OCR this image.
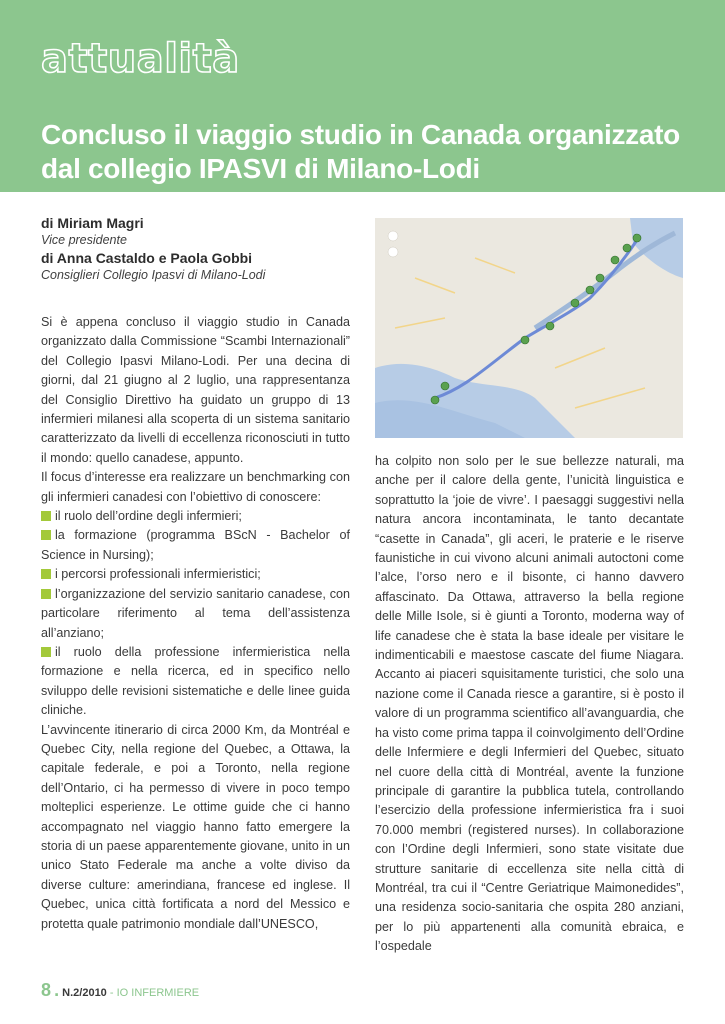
attualità
Concluso il viaggio studio in Canada organizzato dal collegio IPASVI di Milano-Lodi
di Miriam Magri
Vice presidente
di Anna Castaldo e Paola Gobbi
Consiglieri Collegio Ipasvi di Milano-Lodi

Si è appena concluso il viaggio studio in Canada organizzato dalla Commissione “Scambi Internazionali” del Collegio Ipasvi Milano-Lodi. Per una decina di giorni, dal 21 giugno al 2 luglio, una rappresentanza del Consiglio Direttivo ha guidato un gruppo di 13 infermieri milanesi alla scoperta di un sistema sanitario caratterizzato da livelli di eccellenza riconosciuti in tutto il mondo: quello canadese, appunto.

Il focus d’interesse era realizzare un benchmarking con gli infermieri canadesi con l’obiettivo di conoscere:

il ruolo dell’ordine degli infermieri;

la formazione (programma BScN - Bachelor of Science in Nursing);

i percorsi professionali infermieristici;

l’organizzazione del servizio sanitario canadese, con particolare riferimento al tema dell’assistenza all’anziano;

il ruolo della professione infermieristica nella formazione e nella ricerca, ed in specifico nello sviluppo delle revisioni sistematiche e delle linee guida cliniche.

L’avvincente itinerario di circa 2000 Km, da Montréal e Quebec City, nella regione del Quebec, a Ottawa, la capitale federale, e poi a Toronto, nella regione dell’Ontario, ci ha permesso di vivere in poco tempo molteplici esperienze. Le ottime guide che ci hanno accompagnato nel viaggio hanno fatto emergere la storia di un paese apparentemente giovane, unito in un unico Stato Federale ma anche a volte diviso da diverse culture: amerindiana, francese ed inglese. Il Quebec, unica città fortificata a nord del Messico e protetta quale patrimonio mondiale dall’UNESCO,

ha colpito non solo per le sue bellezze naturali, ma anche per il calore della gente, l’unicità linguistica e soprattutto la ‘joie de vivre’. I paesaggi suggestivi nella natura ancora incontaminata, le tanto decantate “casette in Canada”, gli aceri, le praterie e le riserve faunistiche in cui vivono alcuni animali autoctoni come l’alce, l’orso nero e il bisonte, ci hanno davvero affascinato. Da Ottawa, attraverso la bella regione delle Mille Isole, si è giunti a Toronto, moderna way of life canadese che è stata la base ideale per visitare le indimenticabili e maestose cascate del fiume Niagara. Accanto ai piaceri squisitamente turistici, che solo una nazione come il Canada riesce a garantire, si è posto il valore di un programma scientifico all’avanguardia, che ha visto come prima tappa il coinvolgimento dell’Ordine delle Infermiere e degli Infermieri del Quebec, situato nel cuore della città di Montréal, avente la funzione principale di garantire la pubblica tutela, controllando l’esercizio della professione infermieristica fra i suoi 70.000 membri (registered nurses). In collaborazione con l’Ordine degli Infermieri, sono state visitate due strutture sanitarie di eccellenza site nella città di Montréal, tra cui il “Centre Geriatrique Maimonedides”, una residenza socio-sanitaria che ospita 280 anziani, per lo più appartenenti alla comunità ebraica, e l’ospedale

8 . N.2/2010 - IO INFERMIERE
